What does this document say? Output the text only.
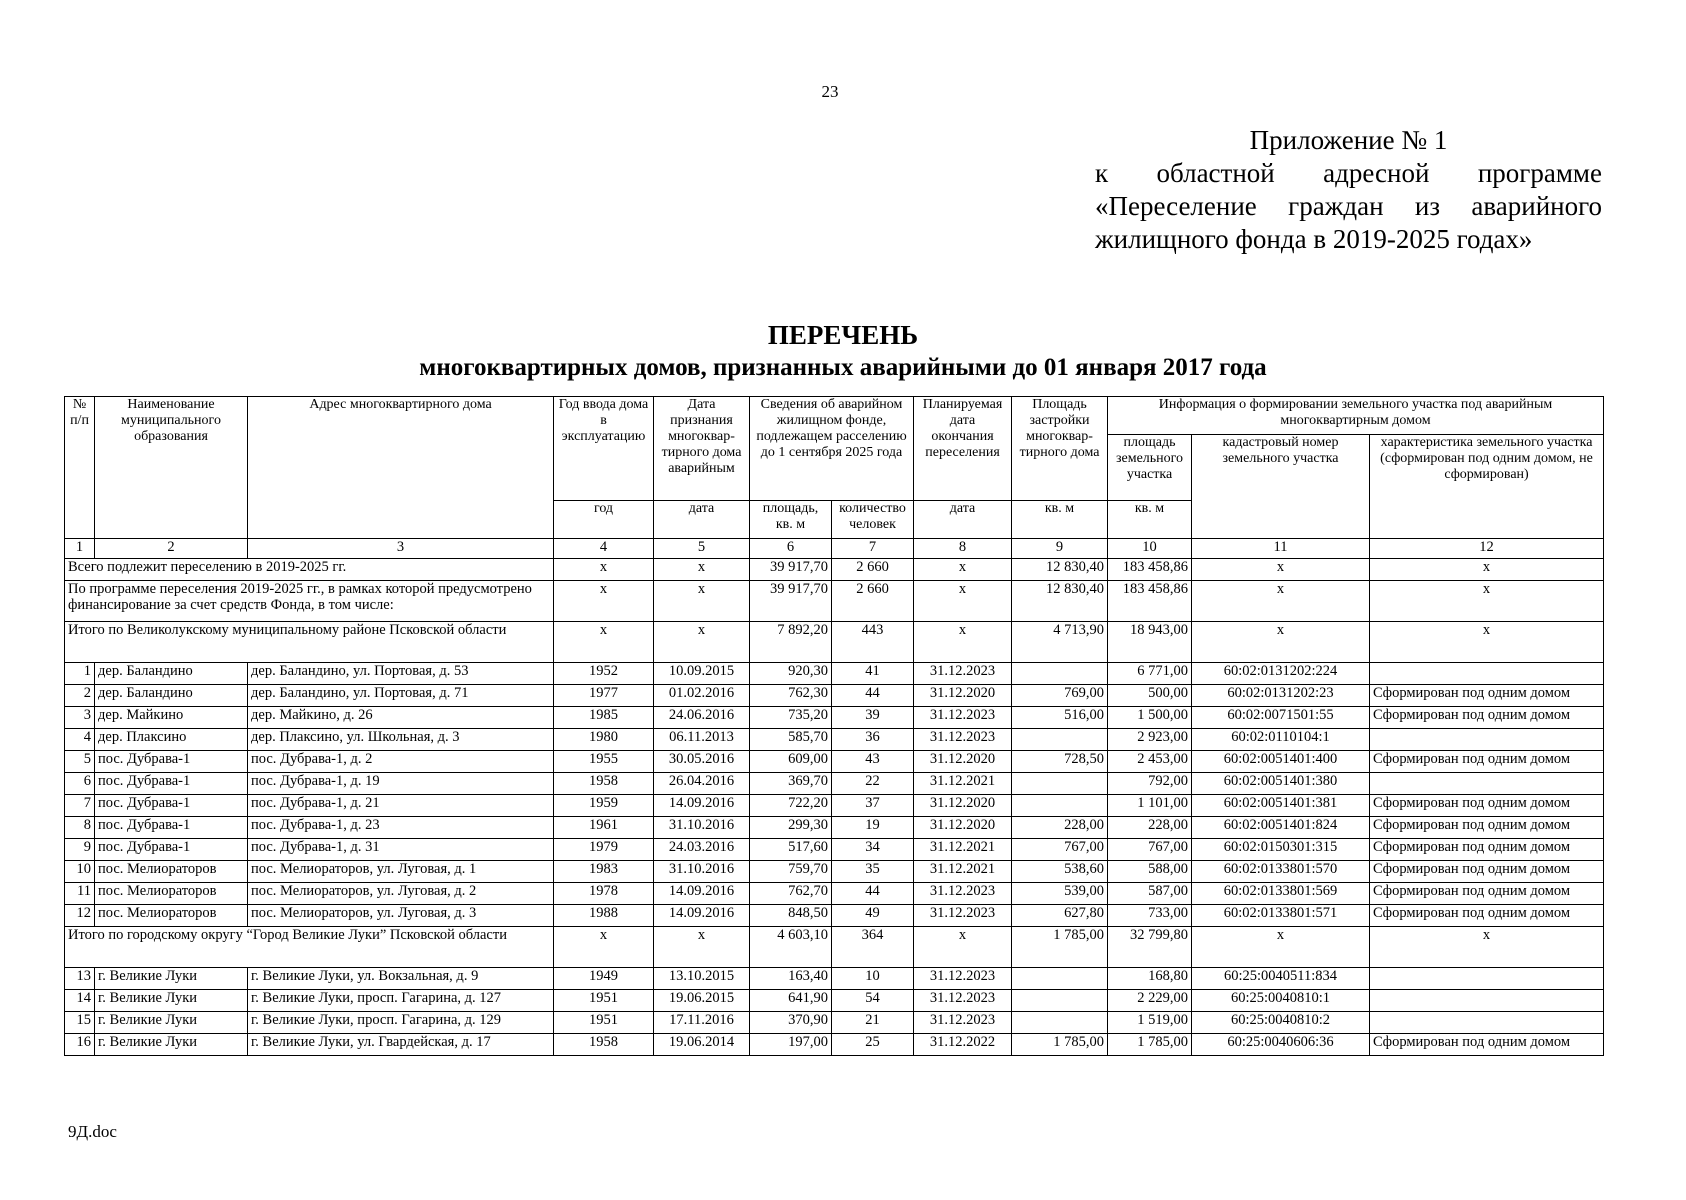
23
Приложение № 1
к областной адресной программе
«Переселение граждан из аварийного
жилищного фонда в 2019-2025 годах»
ПЕРЕЧЕНЬ
многоквартирных домов, признанных аварийными до 01 января 2017 года
№ п/п	Наименование муниципального образования	Адрес многоквартирного дома	Год ввода дома в эксплуатацию	Дата признания многоквар-тирного дома аварийным	Сведения об аварийном жилищном фонде, подлежащем расселению до 1 сентября 2025 года		Планируемая дата окончания переселения	Площадь застройки многоквар-тирного дома	Информация о формировании земельного участка под аварийным многоквартирным домом		
									площадь земельного участка	кадастровый номер земельного участка	характеристика земельного участка (сформирован под одним домом, не сформирован)
			год	дата	площадь, кв. м	количество человек	дата	кв. м	кв. м		
1	2	3	4	5	6	7	8	9	10	11	12
Всего подлежит переселению в 2019-2025 гг.			х	х	39 917,70	2 660	х	12 830,40	183 458,86	х	х
По программе переселения 2019-2025 гг., в рамках которой предусмотрено финансирование за счет средств Фонда, в том числе:			х	х	39 917,70	2 660	х	12 830,40	183 458,86	х	х
Итого по Великолукскому муниципальному районе Псковской области			х	х	7 892,20	443	х	4 713,90	18 943,00	х	х
1	дер. Баландино	дер. Баландино, ул. Портовая, д. 53	1952	10.09.2015	920,30	41	31.12.2023		6 771,00	60:02:0131202:224	
2	дер. Баландино	дер. Баландино, ул. Портовая, д. 71	1977	01.02.2016	762,30	44	31.12.2020	769,00	500,00	60:02:0131202:23	Сформирован под одним домом
3	дер. Майкино	дер. Майкино, д. 26	1985	24.06.2016	735,20	39	31.12.2023	516,00	1 500,00	60:02:0071501:55	Сформирован под одним домом
4	дер. Плаксино	дер. Плаксино, ул. Школьная, д. 3	1980	06.11.2013	585,70	36	31.12.2023		2 923,00	60:02:0110104:1	
5	пос. Дубрава-1	пос. Дубрава-1, д. 2	1955	30.05.2016	609,00	43	31.12.2020	728,50	2 453,00	60:02:0051401:400	Сформирован под одним домом
6	пос. Дубрава-1	пос. Дубрава-1, д. 19	1958	26.04.2016	369,70	22	31.12.2021		792,00	60:02:0051401:380	
7	пос. Дубрава-1	пос. Дубрава-1, д. 21	1959	14.09.2016	722,20	37	31.12.2020		1 101,00	60:02:0051401:381	Сформирован под одним домом
8	пос. Дубрава-1	пос. Дубрава-1, д. 23	1961	31.10.2016	299,30	19	31.12.2020	228,00	228,00	60:02:0051401:824	Сформирован под одним домом
9	пос. Дубрава-1	пос. Дубрава-1, д. 31	1979	24.03.2016	517,60	34	31.12.2021	767,00	767,00	60:02:0150301:315	Сформирован под одним домом
10	пос. Мелиораторов	пос. Мелиораторов, ул. Луговая, д. 1	1983	31.10.2016	759,70	35	31.12.2021	538,60	588,00	60:02:0133801:570	Сформирован под одним домом
11	пос. Мелиораторов	пос. Мелиораторов, ул. Луговая, д. 2	1978	14.09.2016	762,70	44	31.12.2023	539,00	587,00	60:02:0133801:569	Сформирован под одним домом
12	пос. Мелиораторов	пос. Мелиораторов, ул. Луговая, д. 3	1988	14.09.2016	848,50	49	31.12.2023	627,80	733,00	60:02:0133801:571	Сформирован под одним домом
Итого по городскому округу “Город Великие Луки” Псковской области			х	х	4 603,10	364	х	1 785,00	32 799,80	х	х
13	г. Великие Луки	г. Великие Луки, ул. Вокзальная, д. 9	1949	13.10.2015	163,40	10	31.12.2023		168,80	60:25:0040511:834	
14	г. Великие Луки	г. Великие Луки, просп. Гагарина, д. 127	1951	19.06.2015	641,90	54	31.12.2023		2 229,00	60:25:0040810:1	
15	г. Великие Луки	г. Великие Луки, просп. Гагарина, д. 129	1951	17.11.2016	370,90	21	31.12.2023		1 519,00	60:25:0040810:2	
16	г. Великие Луки	г. Великие Луки, ул. Гвардейская, д. 17	1958	19.06.2014	197,00	25	31.12.2022	1 785,00	1 785,00	60:25:0040606:36	Сформирован под одним домом
9Д.doc
